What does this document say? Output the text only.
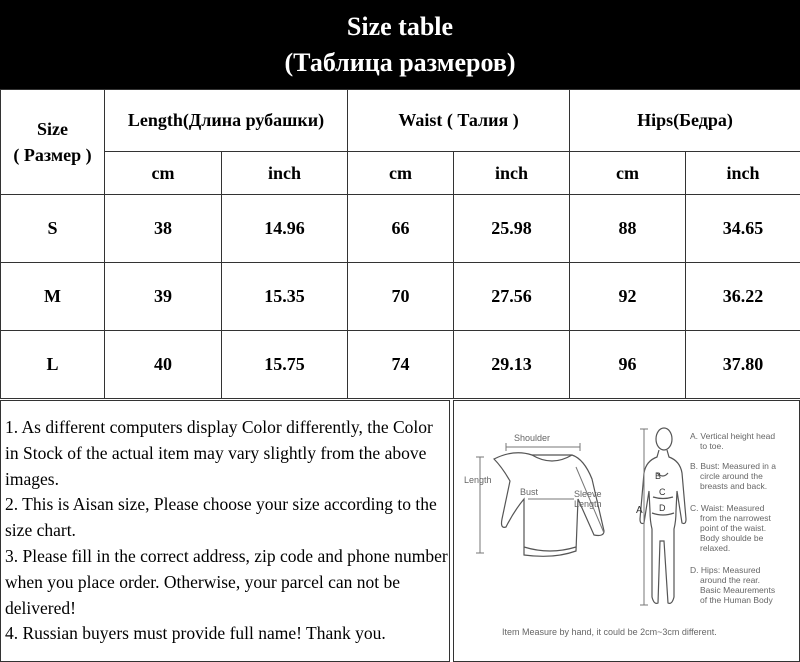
Size table
(Таблица размеров)
Size
( Размер )	Length(Длина рубашки)		Waist ( Талия )		Hips(Бедра)	
	cm	inch	cm	inch	cm	inch
S	38	14.96	66	25.98	88	34.65
M	39	15.35	70	27.56	92	36.22
L	40	15.75	74	29.13	96	37.80

1. As different computers display Color differently, the Color in Stock of the actual item may vary slightly from the above images.

2. This is Aisan size, Please choose your size according to the size chart.

3. Please fill in the correct address, zip code and phone number when you place order. Otherwise, your parcel can not be delivered!

4. Russian buyers must provide full name! Thank you.

Shoulder
Length
Bust	Sleeve
Length
A
B
C
D
A. Vertical height head
to toe.
B. Bust: Measured in a
circle around the
breasts and back.
C. Waist: Measured
from the narrowest
point of the waist.
Body shoulde be
relaxed.
D. Hips: Measured
around the rear.
Basic Meaurements
of the Human Body
Item Measure by hand, it could be 2cm~3cm different.
